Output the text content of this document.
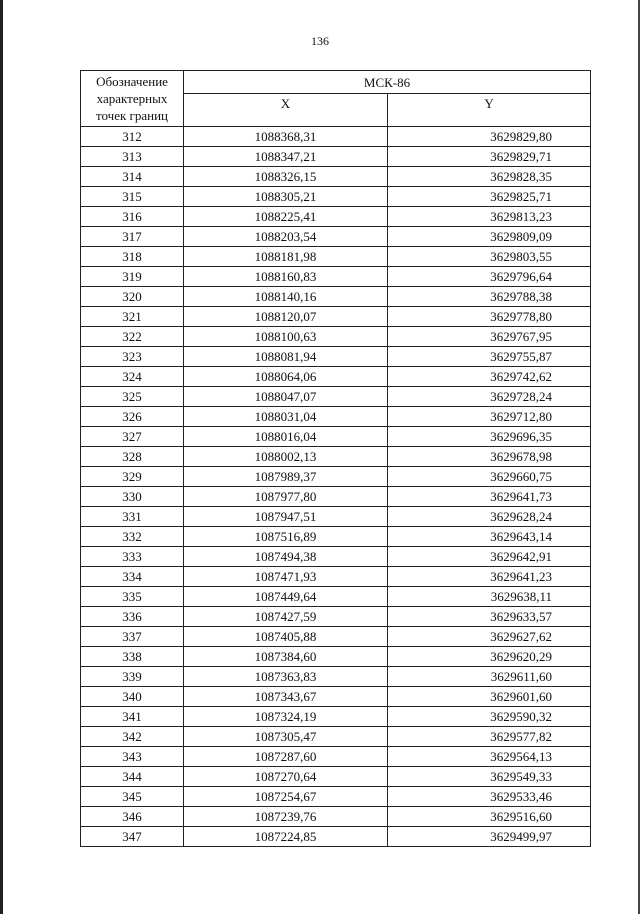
136
Обозначение характерных точек границ	МСК-86	
	X	Y
312	1088368,31	3629829,80
313	1088347,21	3629829,71
314	1088326,15	3629828,35
315	1088305,21	3629825,71
316	1088225,41	3629813,23
317	1088203,54	3629809,09
318	1088181,98	3629803,55
319	1088160,83	3629796,64
320	1088140,16	3629788,38
321	1088120,07	3629778,80
322	1088100,63	3629767,95
323	1088081,94	3629755,87
324	1088064,06	3629742,62
325	1088047,07	3629728,24
326	1088031,04	3629712,80
327	1088016,04	3629696,35
328	1088002,13	3629678,98
329	1087989,37	3629660,75
330	1087977,80	3629641,73
331	1087947,51	3629628,24
332	1087516,89	3629643,14
333	1087494,38	3629642,91
334	1087471,93	3629641,23
335	1087449,64	3629638,11
336	1087427,59	3629633,57
337	1087405,88	3629627,62
338	1087384,60	3629620,29
339	1087363,83	3629611,60
340	1087343,67	3629601,60
341	1087324,19	3629590,32
342	1087305,47	3629577,82
343	1087287,60	3629564,13
344	1087270,64	3629549,33
345	1087254,67	3629533,46
346	1087239,76	3629516,60
347	1087224,85	3629499,97
